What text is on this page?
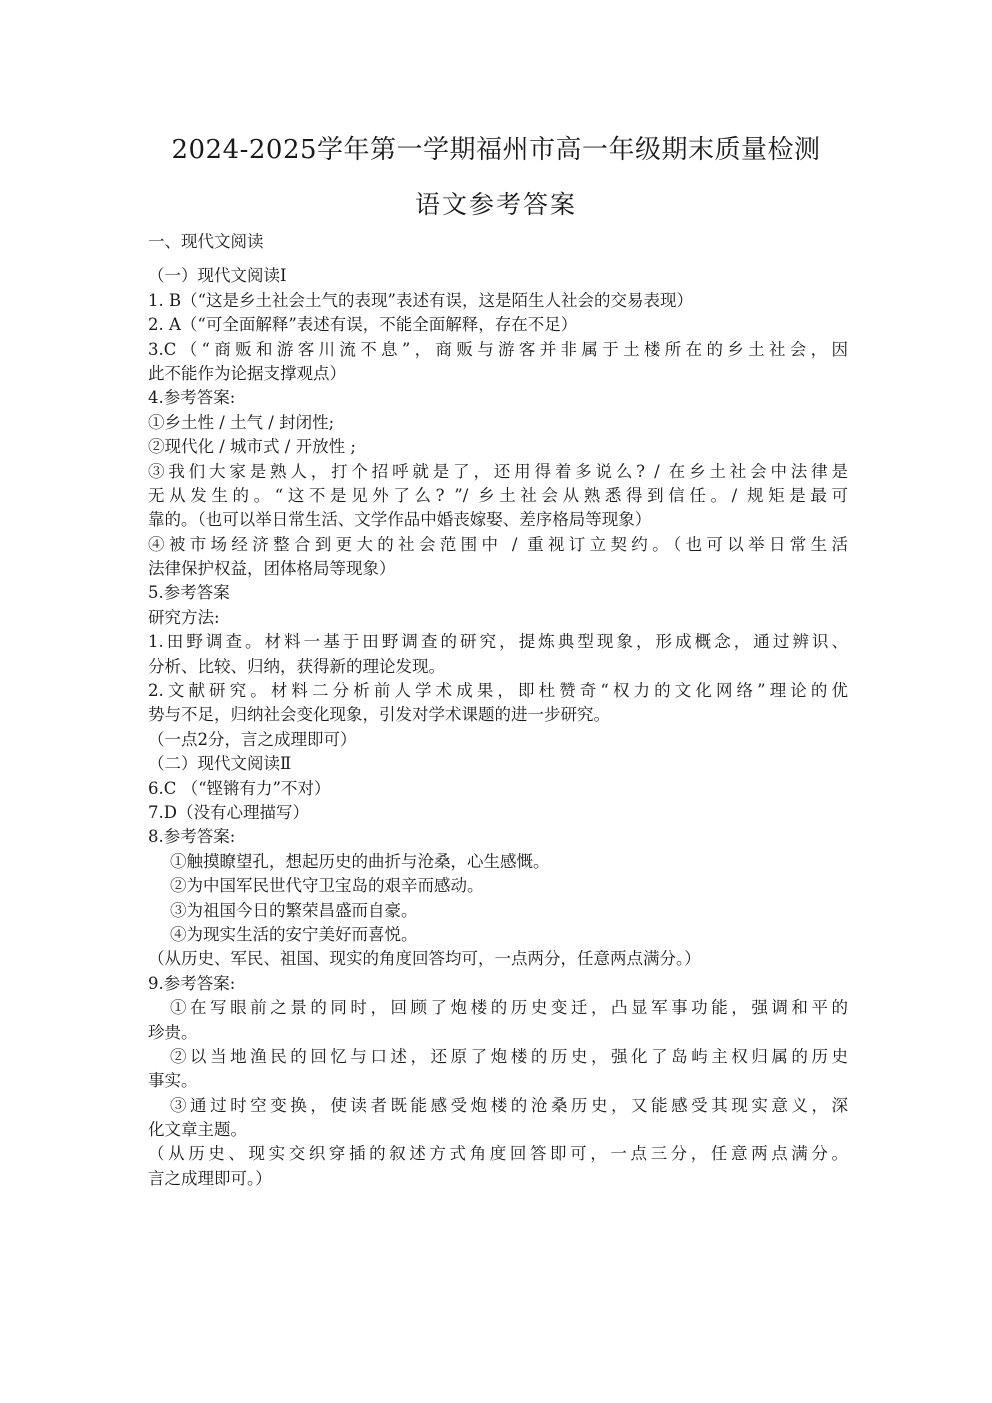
2024-2025学年第一学期福州市高一年级期末质量检测
语文参考答案
一、现代文阅读
（一）现代文阅读Ⅰ
1. B（“这是乡土社会土气的表现”表述有误，这是陌生人社会的交易表现）
2. A（“可全面解释”表述有误，不能全面解释，存在不足）
3.C（“商贩和游客川流不息”，商贩与游客并非属于土楼所在的乡土社会，因
此不能作为论据支撑观点）
4.参考答案:
①乡土性 / 土气 / 封闭性;
②现代化 / 城市式 / 开放性 ;
③我们大家是熟人，打个招呼就是了，还用得着多说么? / 在乡土社会中法律是
无从发生的。“这不是见外了么? ”/ 乡土社会从熟悉得到信任。/ 规矩是最可
靠的。（也可以举日常生活、文学作品中婚丧嫁娶、差序格局等现象）
④被市场经济整合到更大的社会范围中 / 重视订立契约。（也可以举日常生活
法律保护权益，团体格局等现象）
5.参考答案
研究方法:
1.田野调查。材料一基于田野调查的研究，提炼典型现象，形成概念，通过辨识、
分析、比较、归纳，获得新的理论发现。
2.文献研究。材料二分析前人学术成果，即杜赞奇“权力的文化网络”理论的优
势与不足，归纳社会变化现象，引发对学术课题的进一步研究。
（一点2分，言之成理即可）
（二）现代文阅读Ⅱ
6.C （“铿锵有力”不对）
7.D（没有心理描写）
8.参考答案:
①触摸瞭望孔，想起历史的曲折与沧桑，心生感慨。
②为中国军民世代守卫宝岛的艰辛而感动。
③为祖国今日的繁荣昌盛而自豪。
④为现实生活的安宁美好而喜悦。
（从历史、军民、祖国、现实的角度回答均可，一点两分，任意两点满分。）
9.参考答案:
①在写眼前之景的同时，回顾了炮楼的历史变迁，凸显军事功能，强调和平的
珍贵。
②以当地渔民的回忆与口述，还原了炮楼的历史，强化了岛屿主权归属的历史
事实。
③通过时空变换，使读者既能感受炮楼的沧桑历史，又能感受其现实意义，深
化文章主题。
（从历史、现实交织穿插的叙述方式角度回答即可，一点三分，任意两点满分。
言之成理即可。）
